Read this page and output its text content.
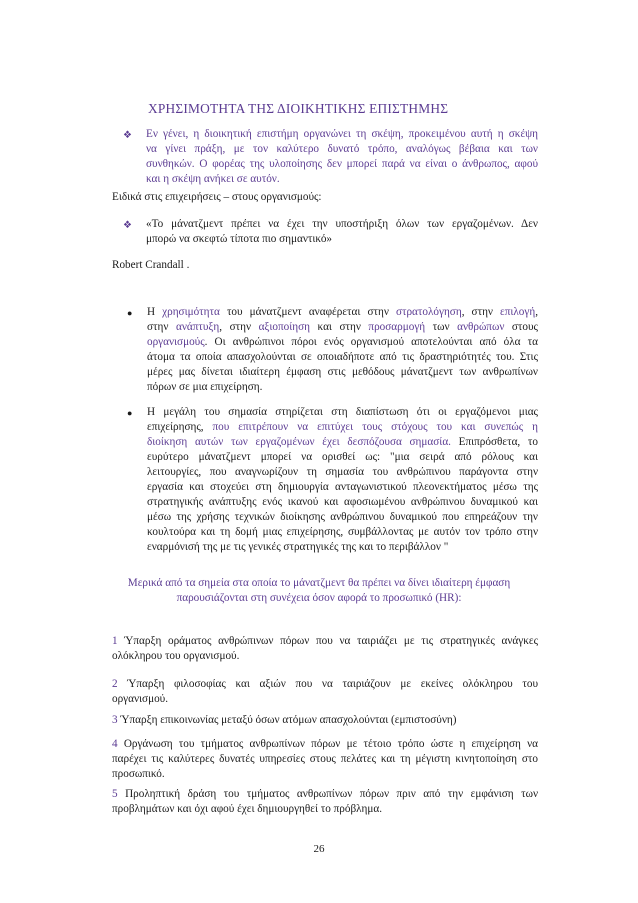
ΧΡΗΣΙΜΟΤΗΤΑ ΤΗΣ ΔΙΟΙΚΗΤΙΚΗΣ ΕΠΙΣΤΗΜΗΣ
❖ Εν γένει, η διοικητική επιστήμη οργανώνει τη σκέψη, προκειμένου αυτή η σκέψη
να γίνει πράξη, με τον καλύτερο δυνατό τρόπο, αναλόγως βέβαια και των
συνθηκών. Ο φορέας της υλοποίησης δεν μπορεί παρά να είναι ο άνθρωπος, αφού
και η σκέψη ανήκει σε αυτόν.
Ειδικά στις επιχειρήσεις – στους οργανισμούς:
❖ «Το μάνατζμεντ πρέπει να έχει την υποστήριξη όλων των εργαζομένων. Δεν
μπορώ να σκεφτώ τίποτα πιο σημαντικό»
Robert Crandall .
● Η χρησιμότητα του μάνατζμεντ αναφέρεται στην στρατολόγηση, στην επιλογή,
στην ανάπτυξη, στην αξιοποίηση και στην προσαρμογή των ανθρώπων στους
οργανισμούς. Οι ανθρώπινοι πόροι ενός οργανισμού αποτελούνται από όλα τα
άτομα τα οποία απασχολούνται σε οποιαδήποτε από τις δραστηριότητές του. Στις
μέρες μας δίνεται ιδιαίτερη έμφαση στις μεθόδους μάνατζμεντ των ανθρωπίνων
πόρων σε μια επιχείρηση.
● Η μεγάλη του σημασία στηρίζεται στη διαπίστωση ότι οι εργαζόμενοι μιας
επιχείρησης, που επιτρέπουν να επιτύχει τους στόχους του και συνεπώς η
διοίκηση αυτών των εργαζομένων έχει δεσπόζουσα σημασία. Επιπρόσθετα, το
ευρύτερο μάνατζμεντ μπορεί να ορισθεί ως: "μια σειρά από ρόλους και
λειτουργίες, που αναγνωρίζουν τη σημασία του ανθρώπινου παράγοντα στην
εργασία και στοχεύει στη δημιουργία ανταγωνιστικού πλεονεκτήματος μέσω της
στρατηγικής ανάπτυξης ενός ικανού και αφοσιωμένου ανθρώπινου δυναμικού και
μέσω της χρήσης τεχνικών διοίκησης ανθρώπινου δυναμικού που επηρεάζουν την
κουλτούρα και τη δομή μιας επιχείρησης, συμβάλλοντας με αυτόν τον τρόπο στην
εναρμόνισή της με τις γενικές στρατηγικές της και το περιβάλλον "
Μερικά από τα σημεία στα οποία το μάνατζμεντ θα πρέπει να δίνει ιδιαίτερη έμφαση
παρουσιάζονται στη συνέχεια όσον αφορά το προσωπικό (HR):
1 Ύπαρξη οράματος ανθρώπινων πόρων που να ταιριάζει με τις στρατηγικές ανάγκες
ολόκληρου του οργανισμού.
2 Ύπαρξη φιλοσοφίας και αξιών που να ταιριάζουν με εκείνες ολόκληρου του
οργανισμού.
3 Ύπαρξη επικοινωνίας μεταξύ όσων ατόμων απασχολούνται (εμπιστοσύνη)
4 Οργάνωση του τμήματος ανθρωπίνων πόρων με τέτοιο τρόπο ώστε η επιχείρηση να
παρέχει τις καλύτερες δυνατές υπηρεσίες στους πελάτες και τη μέγιστη κινητοποίηση στο
προσωπικό.
5 Προληπτική δράση του τμήματος ανθρωπίνων πόρων πριν από την εμφάνιση των
προβλημάτων και όχι αφού έχει δημιουργηθεί το πρόβλημα.
26
